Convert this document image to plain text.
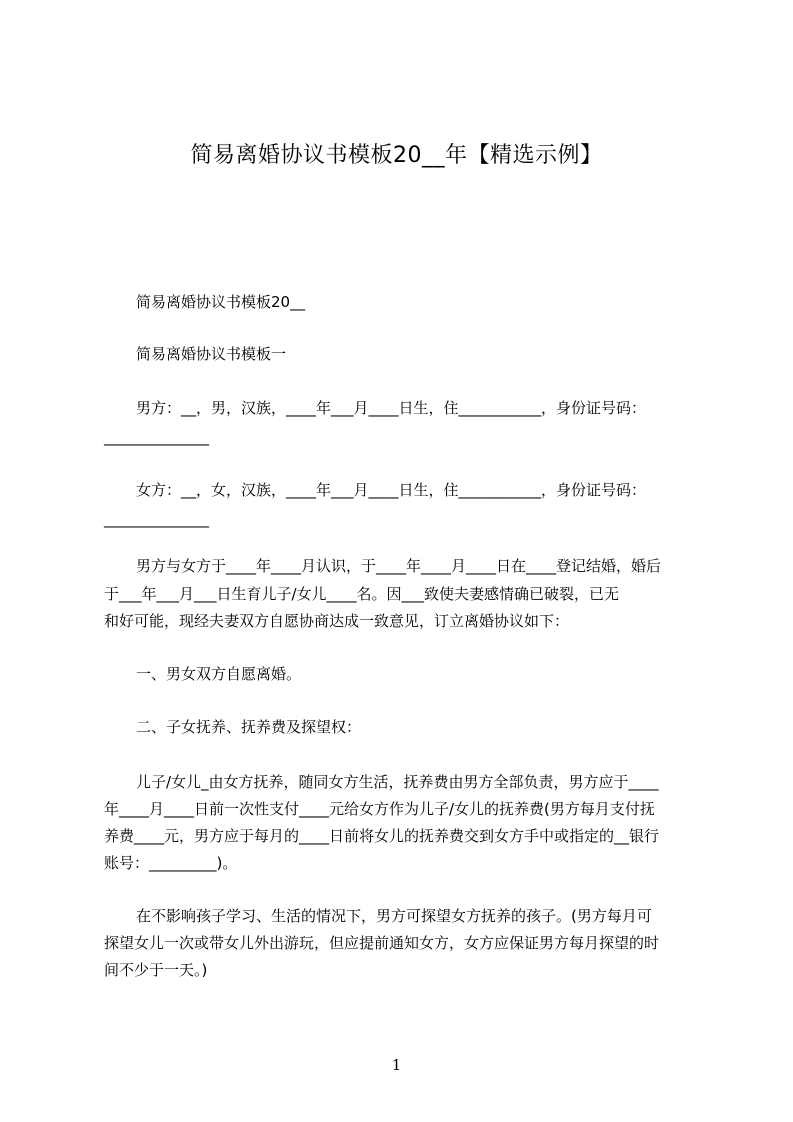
简易离婚协议书模板20__年【精选示例】
简易离婚协议书模板20__
简易离婚协议书模板一
男方：__，男，汉族，____年___月____日生，住___________，身份证号码：
______________
女方：__，女，汉族，____年___月____日生，住___________，身份证号码：
______________
男方与女方于____年____月认识，于____年____月____日在____登记结婚，婚后
于___年___月___日生育儿子/女儿____名。因___致使夫妻感情确已破裂，已无
和好可能，现经夫妻双方自愿协商达成一致意见，订立离婚协议如下：
一、男女双方自愿离婚。
二、子女抚养、抚养费及探望权：
儿子/女儿_由女方抚养，随同女方生活，抚养费由男方全部负责，男方应于____
年____月____日前一次性支付____元给女方作为儿子/女儿的抚养费(男方每月支付抚
养费____元，男方应于每月的____日前将女儿的抚养费交到女方手中或指定的__银行
账号：_________)。
在不影响孩子学习、生活的情况下，男方可探望女方抚养的孩子。(男方每月可
探望女儿一次或带女儿外出游玩，但应提前通知女方，女方应保证男方每月探望的时
间不少于一天。)
1
